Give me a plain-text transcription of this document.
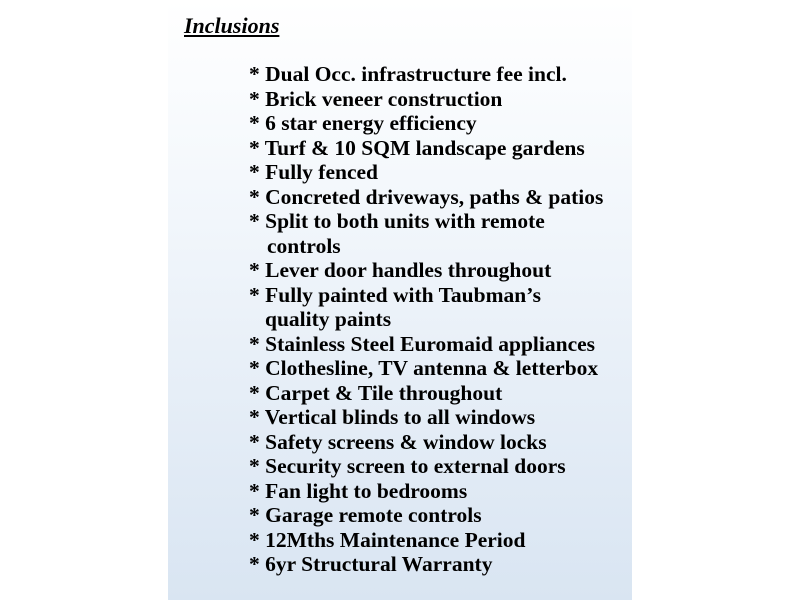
Inclusions
* Dual Occ. infrastructure fee incl.
* Brick veneer construction
* 6 star energy efficiency
* Turf & 10 SQM landscape gardens
* Fully fenced
* Concreted driveways, paths & patios
* Split to both units with remote
controls
* Lever door handles throughout
* Fully painted with Taubman’s
quality paints
* Stainless Steel Euromaid appliances
* Clothesline, TV antenna & letterbox
* Carpet & Tile throughout
* Vertical blinds to all windows
* Safety screens & window locks
* Security screen to external doors
* Fan light to bedrooms
* Garage remote controls
* 12Mths Maintenance Period
* 6yr Structural Warranty
